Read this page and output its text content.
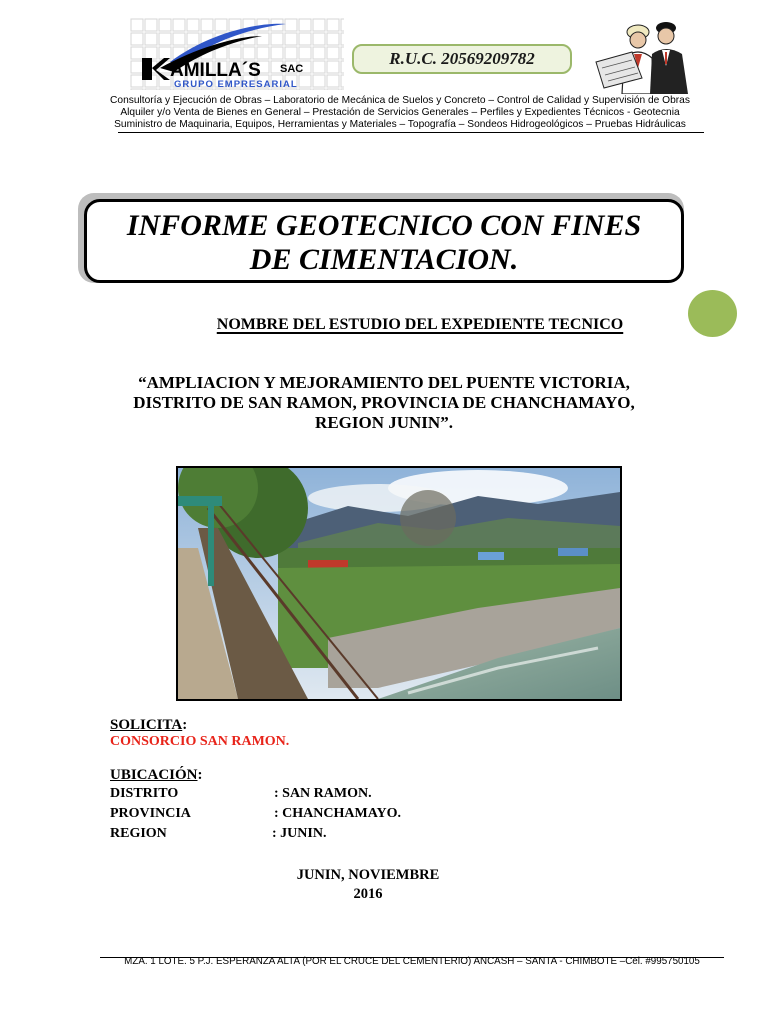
AMILLA´S SAC
GRUPO EMPRESARIAL
R.U.C. 20569209782
Consultoría y Ejecución de Obras – Laboratorio de Mecánica de Suelos y Concreto – Control de Calidad y Supervisión de Obras
Alquiler y/o Venta de Bienes en General – Prestación de Servicios Generales – Perfiles y Expedientes Técnicos - Geotecnia
Suministro de Maquinaria, Equipos, Herramientas y Materiales – Topografía – Sondeos Hidrogeológicos – Pruebas Hidráulicas
INFORME GEOTECNICO CON FINES
DE CIMENTACION.
NOMBRE DEL ESTUDIO DEL EXPEDIENTE TECNICO
“AMPLIACION Y MEJORAMIENTO DEL PUENTE VICTORIA,
DISTRITO DE SAN RAMON, PROVINCIA DE CHANCHAMAYO,
REGION JUNIN”.
SOLICITA:
CONSORCIO SAN RAMON.
UBICACIÓN:
DISTRITO	: SAN RAMON.
PROVINCIA	: CHANCHAMAYO.
REGION	: JUNIN.
JUNIN, NOVIEMBRE
2016
MZA. 1 LOTE. 5 P.J. ESPERANZA ALTA (POR EL CRUCE DEL CEMENTERIO) ANCASH – SANTA - CHIMBOTE –Cel. #995750105
